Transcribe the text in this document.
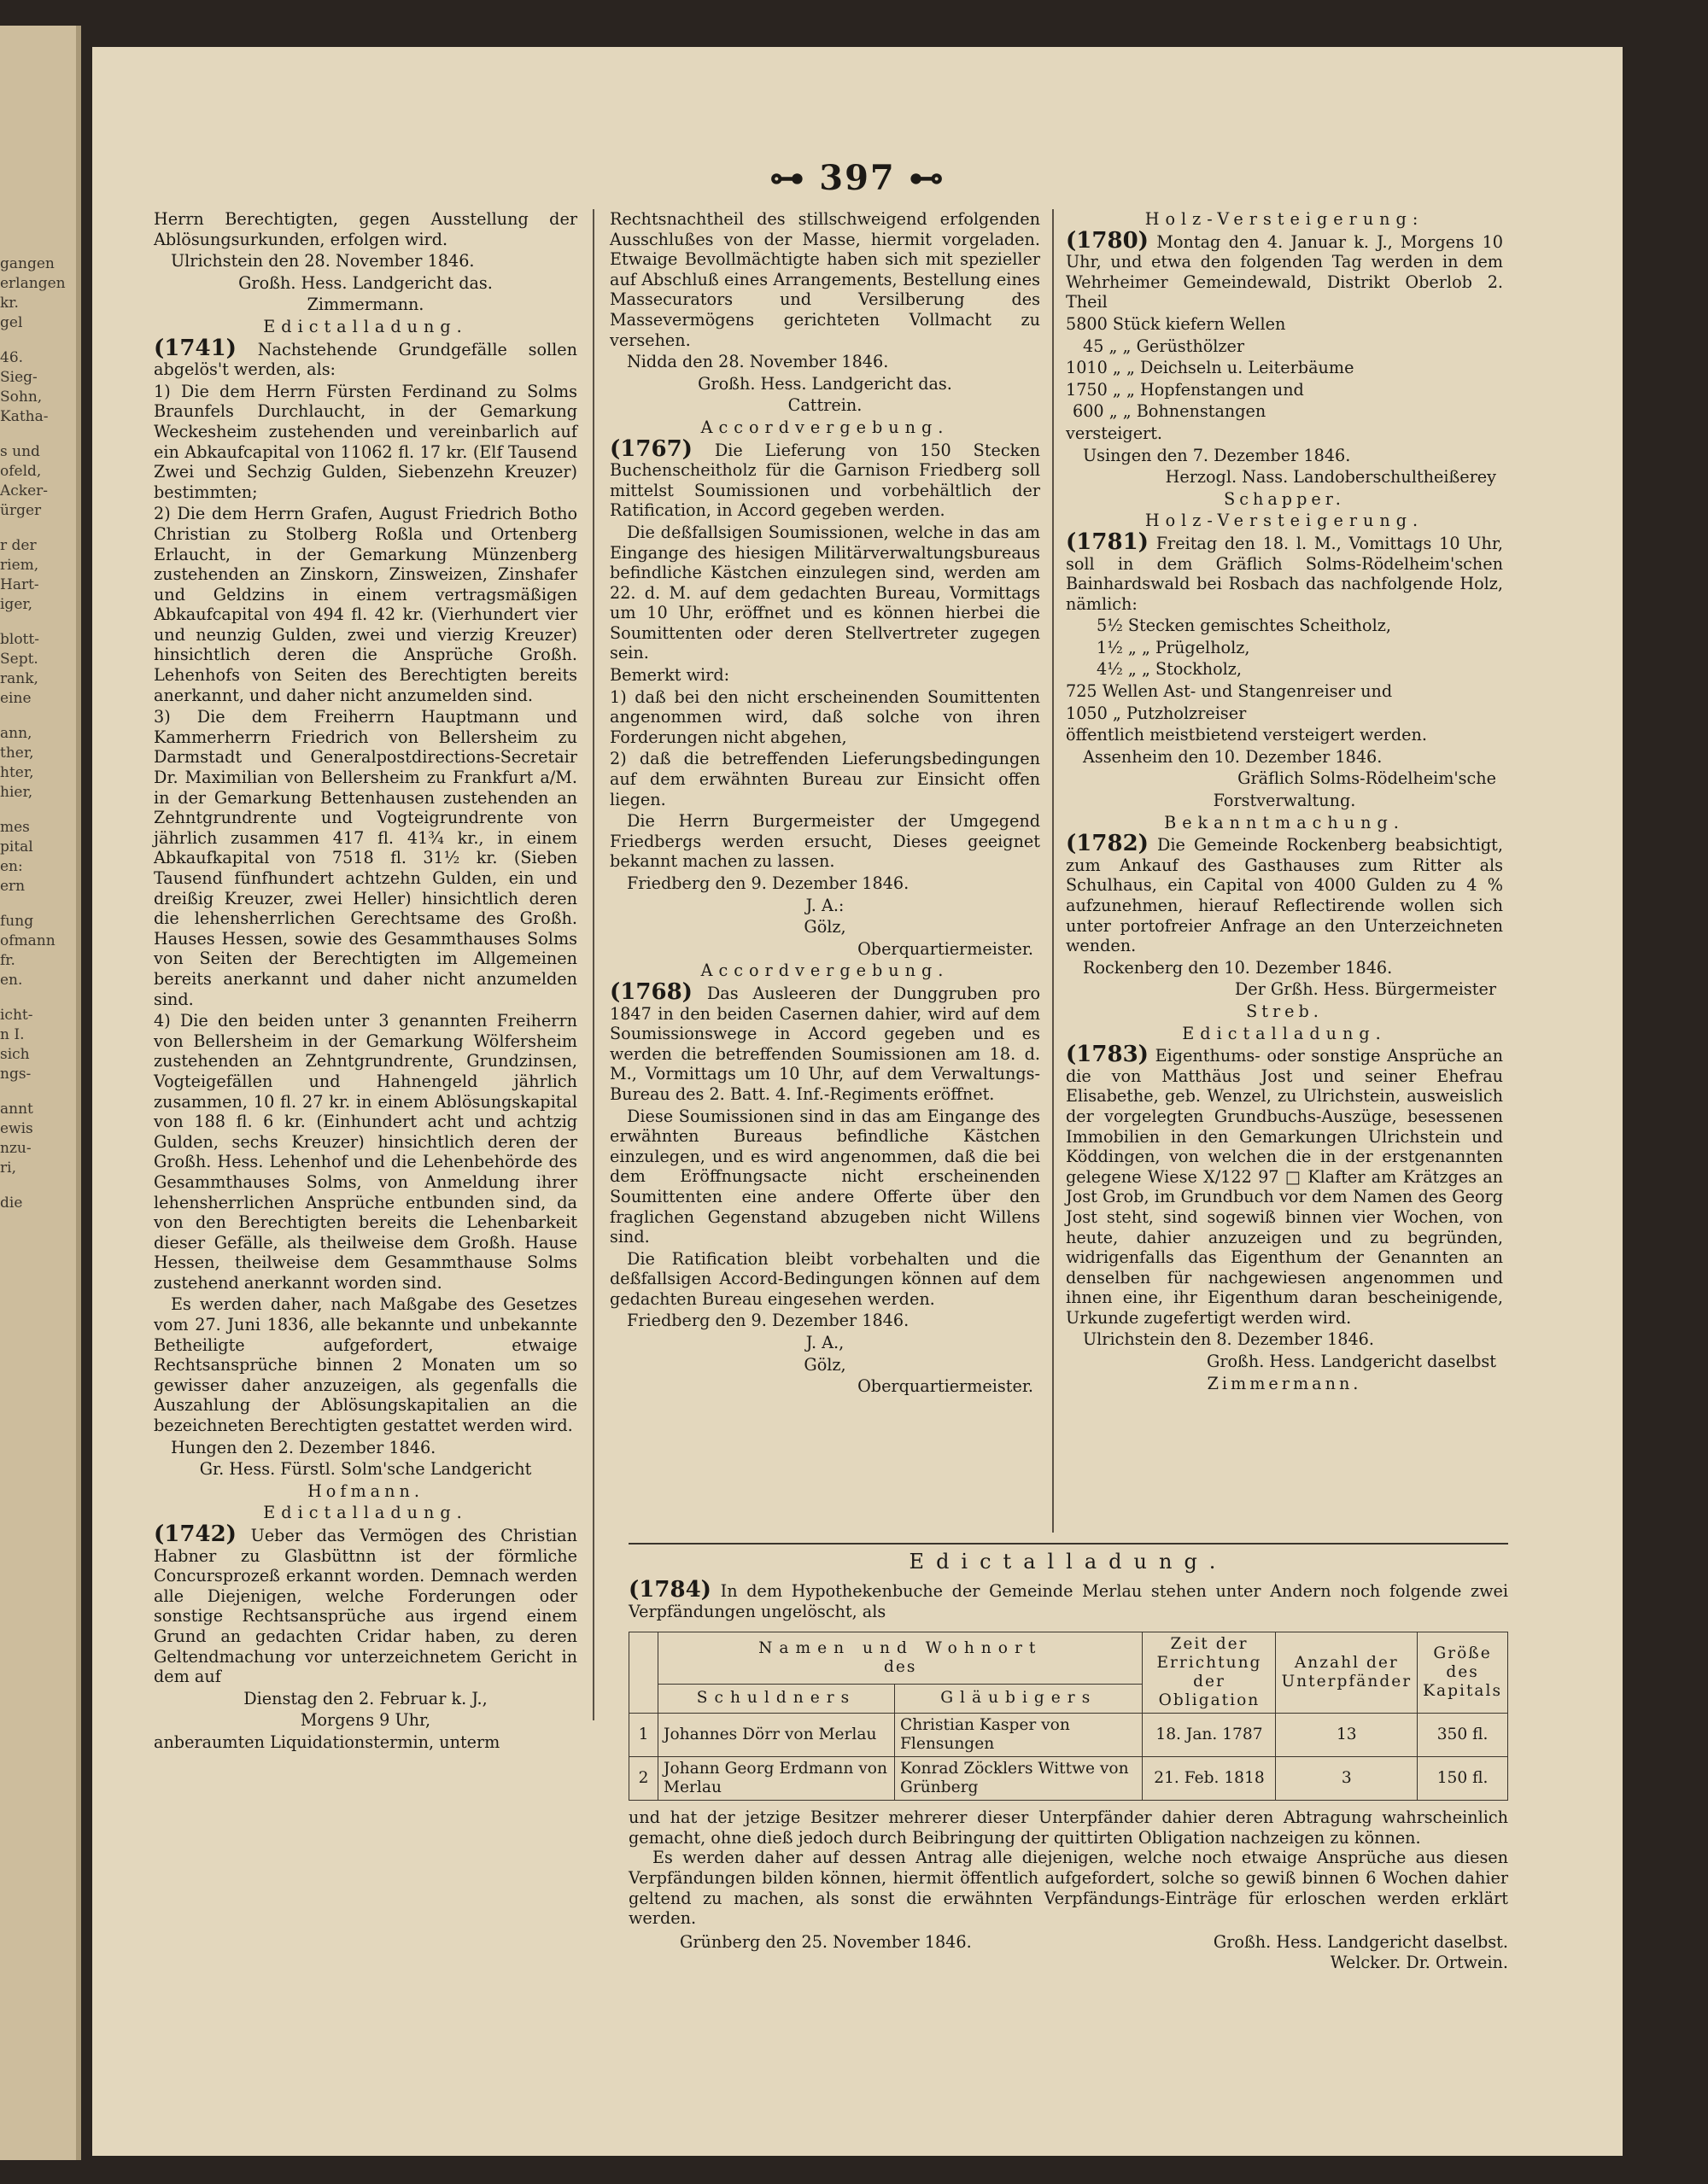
gangen
erlangen
kr.
gel
46.
Sieg-
Sohn,
Katha-
s und
ofeld,
Acker-
ürger
r der
riem,
Hart-
iger,
blott-
Sept.
rank,
eine
ann,
ther,
hter,
hier,
mes
pital
en:
ern
fung
ofmann
fr.
en.
icht-
n I.
sich
ngs-
annt
ewis
nzu-
ri,
die
⊶ 397 ⊷

Herrn Berechtigten, gegen Ausstellung der Ablösungsurkunden, erfolgen wird.

Ulrichstein den 28. November 1846.

Großh. Hess. Landgericht das.

Zimmermann.

Edictalladung.

(1741) Nachstehende Grundgefälle sollen abgelös't werden, als:

1) Die dem Herrn Fürsten Ferdinand zu Solms Braunfels Durchlaucht, in der Gemarkung Weckesheim zustehenden und vereinbarlich auf ein Abkaufcapital von 11062 fl. 17 kr. (Elf Tausend Zwei und Sechzig Gulden, Siebenzehn Kreuzer) bestimmten;

2) Die dem Herrn Grafen, August Friedrich Botho Christian zu Stolberg Roßla und Ortenberg Erlaucht, in der Gemarkung Münzenberg zustehenden an Zinskorn, Zinsweizen, Zinshafer und Geldzins in einem vertragsmäßigen Abkaufcapital von 494 fl. 42 kr. (Vierhundert vier und neunzig Gulden, zwei und vierzig Kreuzer) hinsichtlich deren die Ansprüche Großh. Lehenhofs von Seiten des Berechtigten bereits anerkannt, und daher nicht anzumelden sind.

3) Die dem Freiherrn Hauptmann und Kammerherrn Friedrich von Bellersheim zu Darmstadt und Generalpostdirections-Secretair Dr. Maximilian von Bellersheim zu Frankfurt a/M. in der Gemarkung Bettenhausen zustehenden an Zehntgrundrente und Vogteigrundrente von jährlich zusammen 417 fl. 41¾ kr., in einem Abkaufkapital von 7518 fl. 31½ kr. (Sieben Tausend fünfhundert achtzehn Gulden, ein und dreißig Kreuzer, zwei Heller) hinsichtlich deren die lehensherrlichen Gerechtsame des Großh. Hauses Hessen, sowie des Gesammthauses Solms von Seiten der Berechtigten im Allgemeinen bereits anerkannt und daher nicht anzumelden sind.

4) Die den beiden unter 3 genannten Freiherrn von Bellersheim in der Gemarkung Wölfersheim zustehenden an Zehntgrundrente, Grundzinsen, Vogteigefällen und Hahnengeld jährlich zusammen, 10 fl. 27 kr. in einem Ablösungskapital von 188 fl. 6 kr. (Einhundert acht und achtzig Gulden, sechs Kreuzer) hinsichtlich deren der Großh. Hess. Lehenhof und die Lehenbehörde des Gesammthauses Solms, von Anmeldung ihrer lehensherrlichen Ansprüche entbunden sind, da von den Berechtigten bereits die Lehenbarkeit dieser Gefälle, als theilweise dem Großh. Hause Hessen, theilweise dem Gesammthause Solms zustehend anerkannt worden sind.

Es werden daher, nach Maßgabe des Gesetzes vom 27. Juni 1836, alle bekannte und unbekannte Betheiligte aufgefordert, etwaige Rechtsansprüche binnen 2 Monaten um so gewisser daher anzuzeigen, als gegenfalls die Auszahlung der Ablösungskapitalien an die bezeichneten Berechtigten gestattet werden wird.

Hungen den 2. Dezember 1846.

Gr. Hess. Fürstl. Solm'sche Landgericht

Hofmann.

Edictalladung.

(1742) Ueber das Vermögen des Christian Habner zu Glasbüttnn ist der förmliche Concursprozeß erkannt worden. Demnach werden alle Diejenigen, welche Forderungen oder sonstige Rechtsansprüche aus irgend einem Grund an gedachten Cridar haben, zu deren Geltendmachung vor unterzeichnetem Gericht in dem auf

Dienstag den 2. Februar k. J.,

Morgens 9 Uhr,

anberaumten Liquidationstermin, unterm

Rechtsnachtheil des stillschweigend erfolgenden Ausschlußes von der Masse, hiermit vorgeladen. Etwaige Bevollmächtigte haben sich mit spezieller auf Abschluß eines Arrangements, Bestellung eines Massecurators und Versilberung des Massevermögens gerichteten Vollmacht zu versehen.

Nidda den 28. November 1846.

Großh. Hess. Landgericht das.

Cattrein.

Accordvergebung.

(1767) Die Lieferung von 150 Stecken Buchenscheitholz für die Garnison Friedberg soll mittelst Soumissionen und vorbehältlich der Ratification, in Accord gegeben werden.

Die deßfallsigen Soumissionen, welche in das am Eingange des hiesigen Militärverwaltungsbureaus befindliche Kästchen einzulegen sind, werden am 22. d. M. auf dem gedachten Bureau, Vormittags um 10 Uhr, eröffnet und es können hierbei die Soumittenten oder deren Stellvertreter zugegen sein.

Bemerkt wird:

1) daß bei den nicht erscheinenden Soumittenten angenommen wird, daß solche von ihren Forderungen nicht abgehen,

2) daß die betreffenden Lieferungsbedingungen auf dem erwähnten Bureau zur Einsicht offen liegen.

Die Herrn Burgermeister der Umgegend Friedbergs werden ersucht, Dieses geeignet bekannt machen zu lassen.

Friedberg den 9. Dezember 1846.

J. A.:

Gölz,

Oberquartiermeister.

Accordvergebung.

(1768) Das Ausleeren der Dunggruben pro 1847 in den beiden Casernen dahier, wird auf dem Soumissionswege in Accord gegeben und es werden die betreffenden Soumissionen am 18. d. M., Vormittags um 10 Uhr, auf dem Verwaltungs-Bureau des 2. Batt. 4. Inf.-Regiments eröffnet.

Diese Soumissionen sind in das am Eingange des erwähnten Bureaus befindliche Kästchen einzulegen, und es wird angenommen, daß die bei dem Eröffnungsacte nicht erscheinenden Soumittenten eine andere Offerte über den fraglichen Gegenstand abzugeben nicht Willens sind.

Die Ratification bleibt vorbehalten und die deßfallsigen Accord-Bedingungen können auf dem gedachten Bureau eingesehen werden.

Friedberg den 9. Dezember 1846.

J. A.,

Gölz,

Oberquartiermeister.

Holz-Versteigerung:

(1780) Montag den 4. Januar k. J., Morgens 10 Uhr, und etwa den folgenden Tag werden in dem Wehrheimer Gemeindewald, Distrikt Oberlob 2. Theil

5800 Stück kiefern Wellen

45 „ „ Gerüsthölzer

1010 „ „ Deichseln u. Leiterbäume

1750 „ „ Hopfenstangen und

600 „ „ Bohnenstangen

versteigert.

Usingen den 7. Dezember 1846.

Herzogl. Nass. Landoberschultheißerey

Schapper.

Holz-Versteigerung.

(1781) Freitag den 18. l. M., Vomittags 10 Uhr, soll in dem Gräflich Solms-Rödelheim'schen Bainhardswald bei Rosbach das nachfolgende Holz, nämlich:

5½ Stecken gemischtes Scheitholz,

1½ „ „ Prügelholz,

4½ „ „ Stockholz,

725 Wellen Ast- und Stangenreiser und

1050 „ Putzholzreiser

öffentlich meistbietend versteigert werden.

Assenheim den 10. Dezember 1846.

Gräflich Solms-Rödelheim'sche

Forstverwaltung.

Bekanntmachung.

(1782) Die Gemeinde Rockenberg beabsichtigt, zum Ankauf des Gasthauses zum Ritter als Schulhaus, ein Capital von 4000 Gulden zu 4 % aufzunehmen, hierauf Reflectirende wollen sich unter portofreier Anfrage an den Unterzeichneten wenden.

Rockenberg den 10. Dezember 1846.

Der Grßh. Hess. Bürgermeister

Streb.

Edictalladung.

(1783) Eigenthums- oder sonstige Ansprüche an die von Matthäus Jost und seiner Ehefrau Elisabethe, geb. Wenzel, zu Ulrichstein, ausweislich der vorgelegten Grundbuchs-Auszüge, besessenen Immobilien in den Gemarkungen Ulrichstein und Köddingen, von welchen die in der erstgenannten gelegene Wiese X/122 97 □ Klafter am Krätzges an Jost Grob, im Grundbuch vor dem Namen des Georg Jost steht, sind sogewiß binnen vier Wochen, von heute, dahier anzuzeigen und zu begründen, widrigenfalls das Eigenthum der Genannten an denselben für nachgewiesen angenommen und ihnen eine, ihr Eigenthum daran bescheinigende, Urkunde zugefertigt werden wird.

Ulrichstein den 8. Dezember 1846.

Großh. Hess. Landgericht daselbst

Zimmermann.

Edictalladung.

(1784) In dem Hypothekenbuche der Gemeinde Merlau stehen unter Andern noch folgende zwei Verpfändungen ungelöscht, als

	Namen und Wohnort
des		Zeit der Errichtung der Obligation	Anzahl der Unterpfänder	Größe des Kapitals
	Schuldners	Gläubigers			
1	Johannes Dörr von Merlau	Christian Kasper von Flensungen	18. Jan. 1787	13	350 fl.
2	Johann Georg Erdmann von Merlau	Konrad Zöcklers Wittwe von Grünberg	21. Feb. 1818	3	150 fl.

und hat der jetzige Besitzer mehrerer dieser Unterpfänder dahier deren Abtragung wahrscheinlich gemacht, ohne dieß jedoch durch Beibringung der quittirten Obligation nachzeigen zu können.

Es werden daher auf dessen Antrag alle diejenigen, welche noch etwaige Ansprüche aus diesen Verpfändungen bilden können, hiermit öffentlich aufgefordert, solche so gewiß binnen 6 Wochen dahier geltend zu machen, als sonst die erwähnten Verpfändungs-Einträge für erloschen werden erklärt werden.

Grünberg den 25. November 1846.	Großh. Hess. Landgericht daselbst.
Welcker. Dr. Ortwein.
